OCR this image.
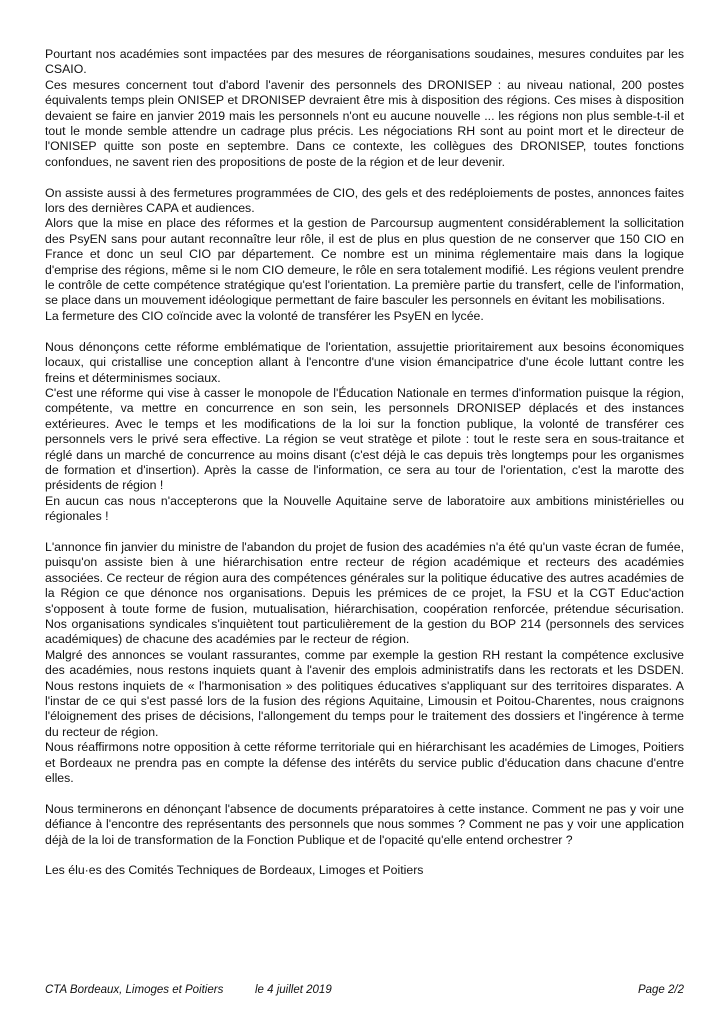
Pourtant nos académies sont impactées par des mesures de réorganisations soudaines, mesures conduites par les CSAIO.

Ces mesures concernent tout d'abord l'avenir des personnels des DRONISEP : au niveau national, 200 postes équivalents temps plein ONISEP et DRONISEP devraient être mis à disposition des régions. Ces mises à disposition devaient se faire en janvier 2019 mais les personnels n'ont eu aucune nouvelle ... les régions non plus semble-t-il et tout le monde semble attendre un cadrage plus précis. Les négociations RH sont au point mort et le directeur de l'ONISEP quitte son poste en septembre. Dans ce contexte, les collègues des DRONISEP, toutes fonctions confondues, ne savent rien des propositions de poste de la région et de leur devenir.

On assiste aussi à des fermetures programmées de CIO, des gels et des redéploiements de postes, annonces faites lors des dernières CAPA et audiences.

Alors que la mise en place des réformes et la gestion de Parcoursup augmentent considérablement la sollicitation des PsyEN sans pour autant reconnaître leur rôle, il est de plus en plus question de ne conserver que 150 CIO en France et donc un seul CIO par département. Ce nombre est un minima réglementaire mais dans la logique d'emprise des régions, même si le nom CIO demeure, le rôle en sera totalement modifié. Les régions veulent prendre le contrôle de cette compétence stratégique qu'est l'orientation. La première partie du transfert, celle de l'information, se place dans un mouvement idéologique permettant de faire basculer les personnels en évitant les mobilisations.

La fermeture des CIO coïncide avec la volonté de transférer les PsyEN en lycée.

Nous dénonçons cette réforme emblématique de l'orientation, assujettie prioritairement aux besoins économiques locaux, qui cristallise une conception allant à l'encontre d'une vision émancipatrice d'une école luttant contre les freins et déterminismes sociaux.

C'est une réforme qui vise à casser le monopole de l'Éducation Nationale en termes d'information puisque la région, compétente, va mettre en concurrence en son sein, les personnels DRONISEP déplacés et des instances extérieures. Avec le temps et les modifications de la loi sur la fonction publique, la volonté de transférer ces personnels vers le privé sera effective. La région se veut stratège et pilote : tout le reste sera en sous-traitance et réglé dans un marché de concurrence au moins disant (c'est déjà le cas depuis très longtemps pour les organismes de formation et d'insertion). Après la casse de l'information, ce sera au tour de l'orientation, c'est la marotte des présidents de région !

En aucun cas nous n'accepterons que la Nouvelle Aquitaine serve de laboratoire aux ambitions ministérielles ou régionales !

L'annonce fin janvier du ministre de l'abandon du projet de fusion des académies n'a été qu'un vaste écran de fumée, puisqu'on assiste bien à une hiérarchisation entre recteur de région académique et recteurs des académies associées. Ce recteur de région aura des compétences générales sur la politique éducative des autres académies de la Région ce que dénonce nos organisations. Depuis les prémices de ce projet, la FSU et la CGT Educ'action s'opposent à toute forme de fusion, mutualisation, hiérarchisation, coopération renforcée, prétendue sécurisation. Nos organisations syndicales s'inquiètent tout particulièrement de la gestion du BOP 214 (personnels des services académiques) de chacune des académies par le recteur de région.

Malgré des annonces se voulant rassurantes, comme par exemple la gestion RH restant la compétence exclusive des académies, nous restons inquiets quant à l'avenir des emplois administratifs dans les rectorats et les DSDEN. Nous restons inquiets de « l'harmonisation » des politiques éducatives s'appliquant sur des territoires disparates. A l'instar de ce qui s'est passé lors de la fusion des régions Aquitaine, Limousin et Poitou-Charentes, nous craignons l'éloignement des prises de décisions, l'allongement du temps pour le traitement des dossiers et l'ingérence à terme du recteur de région.

Nous réaffirmons notre opposition à cette réforme territoriale qui en hiérarchisant les académies de Limoges, Poitiers et Bordeaux ne prendra pas en compte la défense des intérêts du service public d'éducation dans chacune d'entre elles.

Nous terminerons en dénonçant l'absence de documents préparatoires à cette instance. Comment ne pas y voir une défiance à l'encontre des représentants des personnels que nous sommes ? Comment ne pas y voir une application déjà de la loi de transformation de la Fonction Publique et de l'opacité qu'elle entend orchestrer ?

Les élu·es des Comités Techniques de Bordeaux, Limoges et Poitiers

CTA Bordeaux, Limoges et Poitiers	le 4 juillet 2019	Page 2/2
